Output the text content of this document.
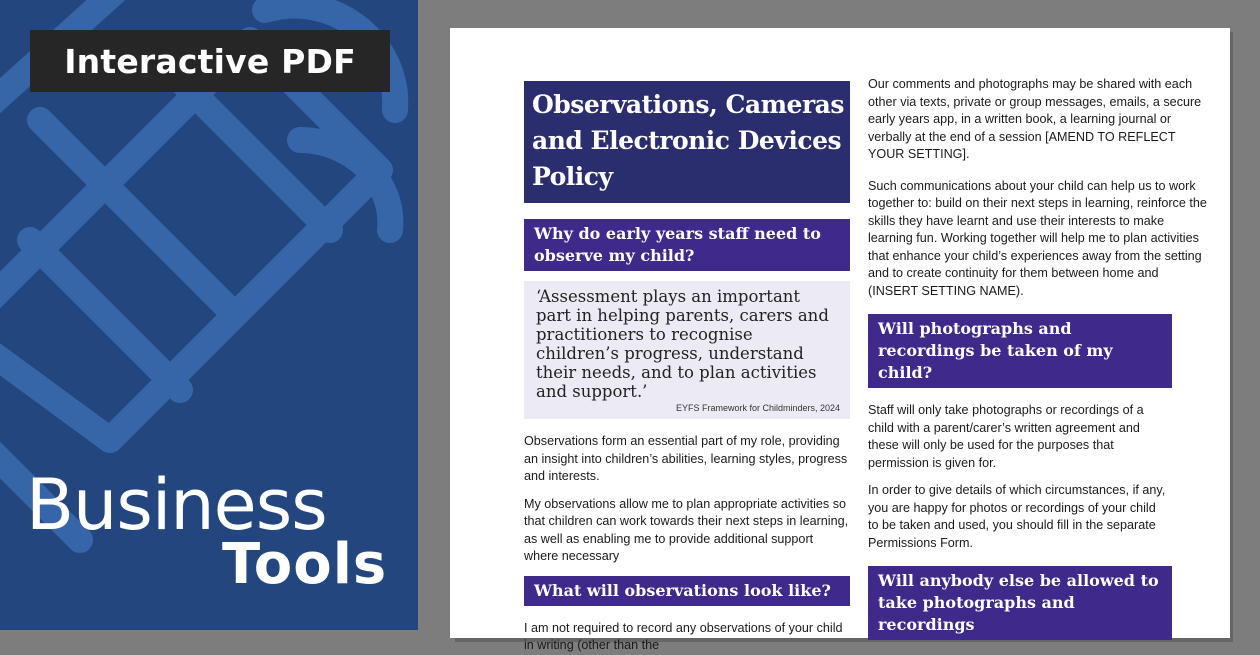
Interactive PDF
Business
Tools
Observations, Cameras and Electronic Devices Policy
Why do early years staff need to observe my child?
‘Assessment plays an important part in helping parents, carers and practitioners to recognise children’s progress, understand their needs, and to plan activities and support.’
EYFS Framework for Childminders, 2024

Observations form an essential part of my role, providing an insight into children’s abilities, learning styles, progress and interests.

My observations allow me to plan appropriate activities so that children can work towards their next steps in learning, as well as enabling me to provide additional support where necessary

What will observations look like?

I am not required to record any observations of your child in writing (other than the

Our comments and photographs may be shared with each other via texts, private or group messages, emails, a secure early years app, in a written book, a learning journal or verbally at the end of a session [AMEND TO REFLECT YOUR SETTING].

Such communications about your child can help us to work together to: build on their next steps in learning, reinforce the skills they have learnt and use their interests to make learning fun. Working together will help me to plan activities that enhance your child’s experiences away from the setting and to create continuity for them between home and (INSERT SETTING NAME).

Will photographs and recordings be taken of my child?

Staff will only take photographs or recordings of a child with a parent/carer’s written agreement and these will only be used for the purposes that permission is given for.

In order to give details of which circumstances, if any, you are happy for photos or recordings of your child to be taken and used, you should fill in the separate Permissions Form.

Will anybody else be allowed to take photographs and recordings
